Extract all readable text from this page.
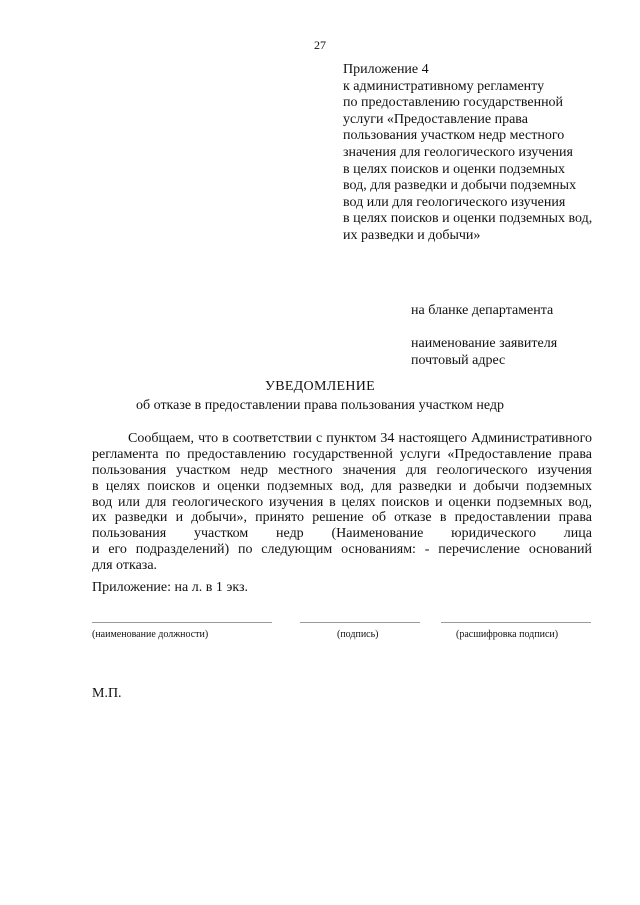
27
Приложение 4
к административному регламенту
по предоставлению государственной
услуги «Предоставление права
пользования участком недр местного
значения для геологического изучения
в целях поисков и оценки подземных
вод, для разведки и добычи подземных
вод или для геологического изучения
в целях поисков и оценки подземных вод,
их разведки и добычи»
на бланке департамента
наименование заявителя
почтовый адрес
УВЕДОМЛЕНИЕ
об отказе в предоставлении права пользования участком недр
Сообщаем, что в соответствии с пунктом 34 настоящего Административного
регламента по предоставлению государственной услуги «Предоставление права
пользования участком недр местного значения для геологического изучения
в целях поисков и оценки подземных вод, для разведки и добычи подземных
вод или для геологического изучения в целях поисков и оценки подземных вод,
их разведки и добычи», принято решение об отказе в предоставлении права
пользования участком недр (Наименование юридического лица
и его подразделений) по следующим основаниям: - перечисление оснований
для отказа.
Приложение: на л. в 1 экз.
(наименование должности)	(подпись)	(расшифровка подписи)
М.П.
